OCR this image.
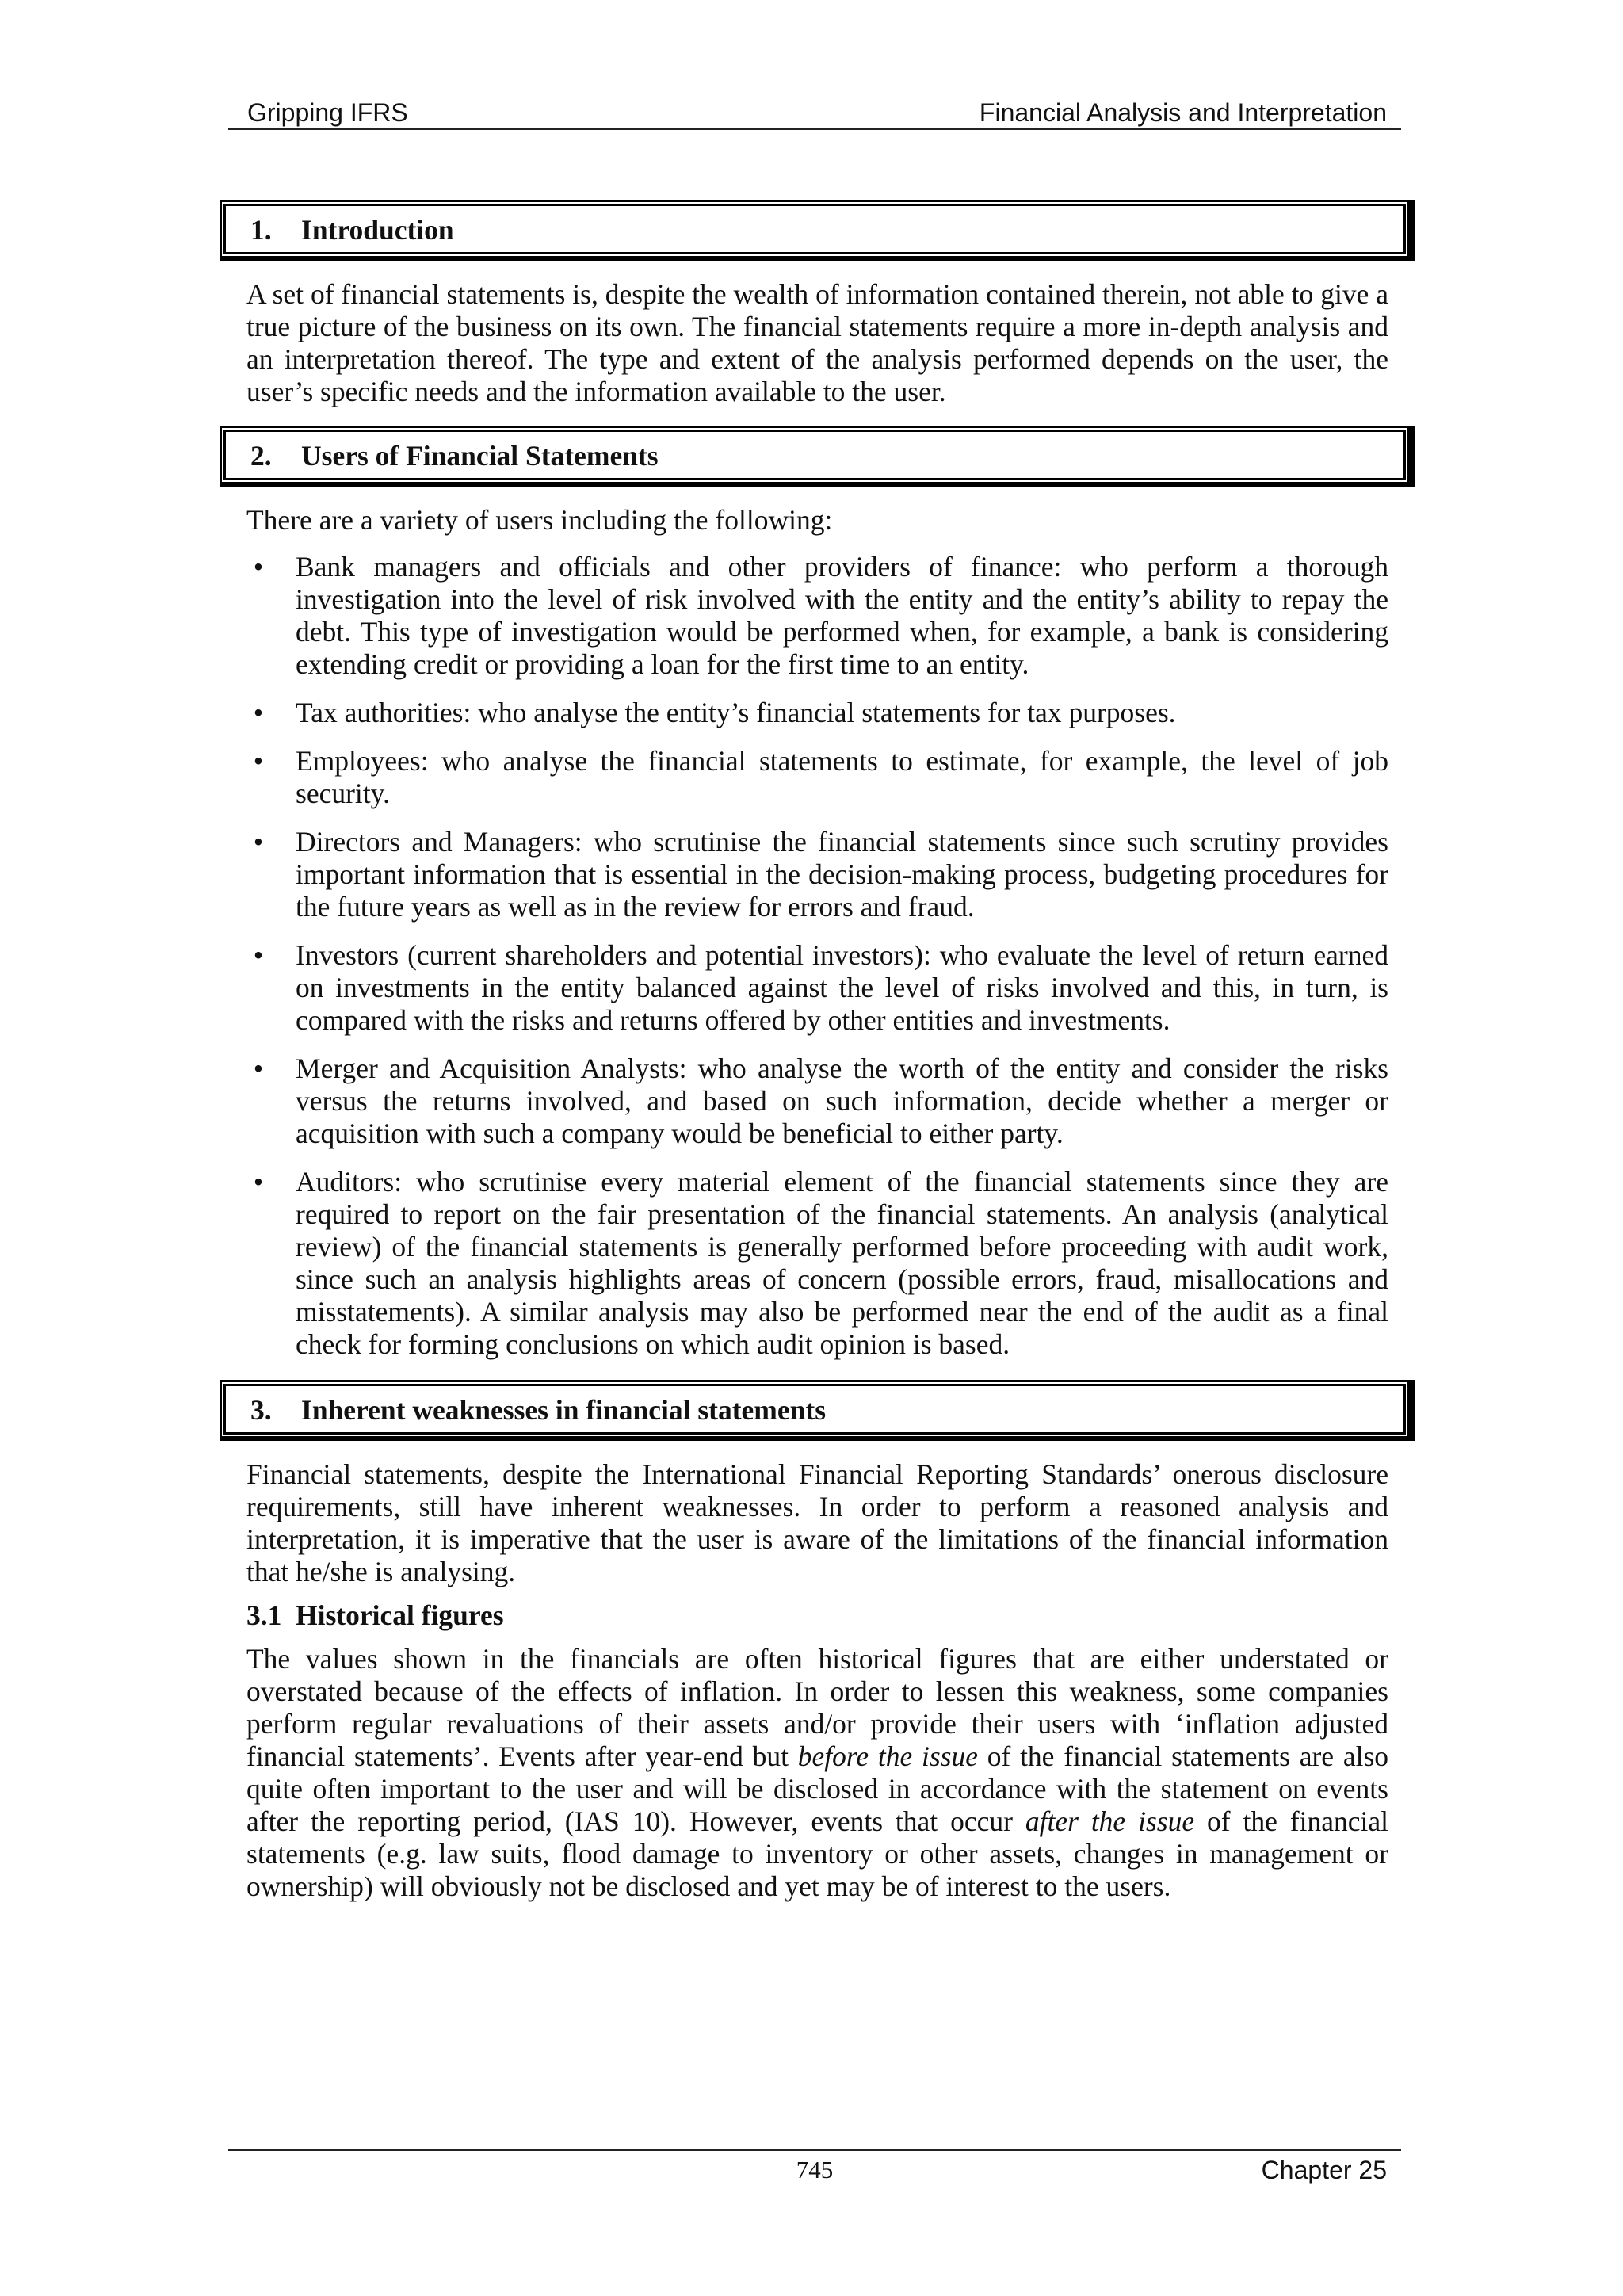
Gripping IFRS	Financial Analysis and Interpretation
1. Introduction

A set of financial statements is, despite the wealth of information contained therein, not able to give a true picture of the business on its own. The financial statements require a more in-depth analysis and an interpretation thereof. The type and extent of the analysis performed depends on the user, the user’s specific needs and the information available to the user.

2. Users of Financial Statements

There are a variety of users including the following:

• Bank managers and officials and other providers of finance: who perform a thorough investigation into the level of risk involved with the entity and the entity’s ability to repay the debt. This type of investigation would be performed when, for example, a bank is considering extending credit or providing a loan for the first time to an entity.
• Tax authorities: who analyse the entity’s financial statements for tax purposes.
• Employees: who analyse the financial statements to estimate, for example, the level of job security.
• Directors and Managers: who scrutinise the financial statements since such scrutiny provides important information that is essential in the decision-making process, budgeting procedures for the future years as well as in the review for errors and fraud.
• Investors (current shareholders and potential investors): who evaluate the level of return earned on investments in the entity balanced against the level of risks involved and this, in turn, is compared with the risks and returns offered by other entities and investments.
• Merger and Acquisition Analysts: who analyse the worth of the entity and consider the risks versus the returns involved, and based on such information, decide whether a merger or acquisition with such a company would be beneficial to either party.
• Auditors: who scrutinise every material element of the financial statements since they are required to report on the fair presentation of the financial statements. An analysis (analytical review) of the financial statements is generally performed before proceeding with audit work, since such an analysis highlights areas of concern (possible errors, fraud, misallocations and misstatements). A similar analysis may also be performed near the end of the audit as a final check for forming conclusions on which audit opinion is based.
3. Inherent weaknesses in financial statements

Financial statements, despite the International Financial Reporting Standards’ onerous disclosure requirements, still have inherent weaknesses. In order to perform a reasoned analysis and interpretation, it is imperative that the user is aware of the limitations of the financial information that he/she is analysing.

3.1 Historical figures

The values shown in the financials are often historical figures that are either understated or overstated because of the effects of inflation. In order to lessen this weakness, some companies perform regular revaluations of their assets and/or provide their users with ‘inflation adjusted financial statements’. Events after year-end but before the issue of the financial statements are also quite often important to the user and will be disclosed in accordance with the statement on events after the reporting period, (IAS 10). However, events that occur after the issue of the financial statements (e.g. law suits, flood damage to inventory or other assets, changes in management or ownership) will obviously not be disclosed and yet may be of interest to the users.

745	Chapter 25
